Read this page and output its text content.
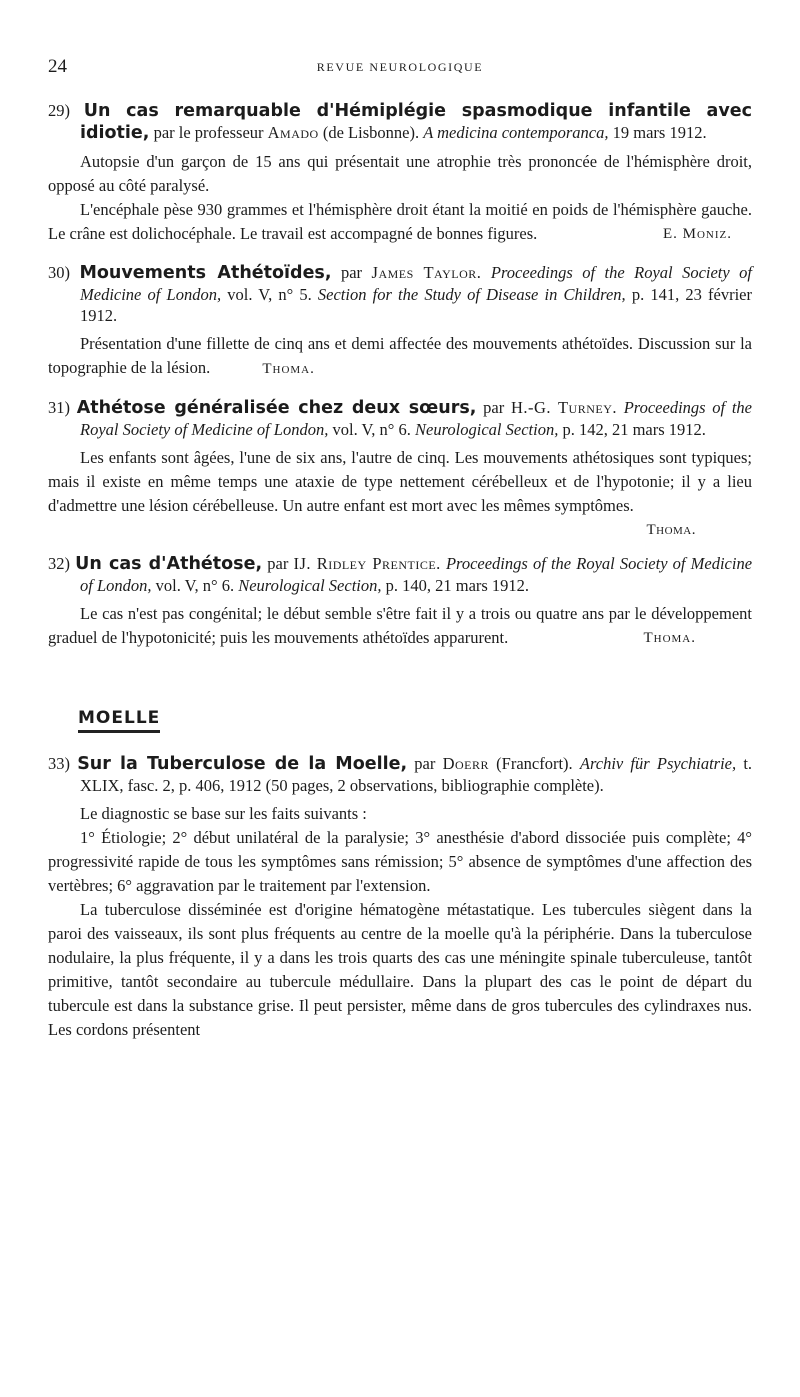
24	REVUE NEUROLOGIQUE

29) Un cas remarquable d'Hémiplégie spasmodique infantile avec idiotie, par le professeur Amado (de Lisbonne). A medicina contemporanca, 19 mars 1912.

Autopsie d'un garçon de 15 ans qui présentait une atrophie très prononcée de l'hémisphère droit, opposé au côté paralysé.

L'encéphale pèse 930 grammes et l'hémisphère droit étant la moitié en poids de l'hémisphère gauche. Le crâne est dolichocéphale. Le travail est accompagné de bonnes figures.	E. Moniz.

30) Mouvements Athétoïdes, par James Taylor. Proceedings of the Royal Society of Medicine of London, vol. V, n° 5. Section for the Study of Disease in Children, p. 141, 23 février 1912.

Présentation d'une fillette de cinq ans et demi affectée des mouvements athétoïdes. Discussion sur la topographie de la lésion.	Thoma.

31) Athétose généralisée chez deux sœurs, par H.-G. Turney. Proceedings of the Royal Society of Medicine of London, vol. V, n° 6. Neurological Section, p. 142, 21 mars 1912.

Les enfants sont âgées, l'une de six ans, l'autre de cinq. Les mouvements athétosiques sont typiques; mais il existe en même temps une ataxie de type nettement cérébelleux et de l'hypotonie; il y a lieu d'admettre une lésion cérébelleuse. Un autre enfant est mort avec les mêmes symptômes.

Thoma.

32) Un cas d'Athétose, par IJ. Ridley Prentice. Proceedings of the Royal Society of Medicine of London, vol. V, n° 6. Neurological Section, p. 140, 21 mars 1912.

Le cas n'est pas congénital; le début semble s'être fait il y a trois ou quatre ans par le développement graduel de l'hypotonicité; puis les mouvements athétoïdes apparurent.	Thoma.

MOELLE

33) Sur la Tuberculose de la Moelle, par Doerr (Francfort). Archiv für Psychiatrie, t. XLIX, fasc. 2, p. 406, 1912 (50 pages, 2 observations, bibliographie complète).

Le diagnostic se base sur les faits suivants :

1° Étiologie; 2° début unilatéral de la paralysie; 3° anesthésie d'abord dissociée puis complète; 4° progressivité rapide de tous les symptômes sans rémission; 5° absence de symptômes d'une affection des vertèbres; 6° aggravation par le traitement par l'extension.

La tuberculose disséminée est d'origine hématogène métastatique. Les tubercules siègent dans la paroi des vaisseaux, ils sont plus fréquents au centre de la moelle qu'à la périphérie. Dans la tuberculose nodulaire, la plus fréquente, il y a dans les trois quarts des cas une méningite spinale tuberculeuse, tantôt primitive, tantôt secondaire au tubercule médullaire. Dans la plupart des cas le point de départ du tubercule est dans la substance grise. Il peut persister, même dans de gros tubercules des cylindraxes nus. Les cordons présentent
